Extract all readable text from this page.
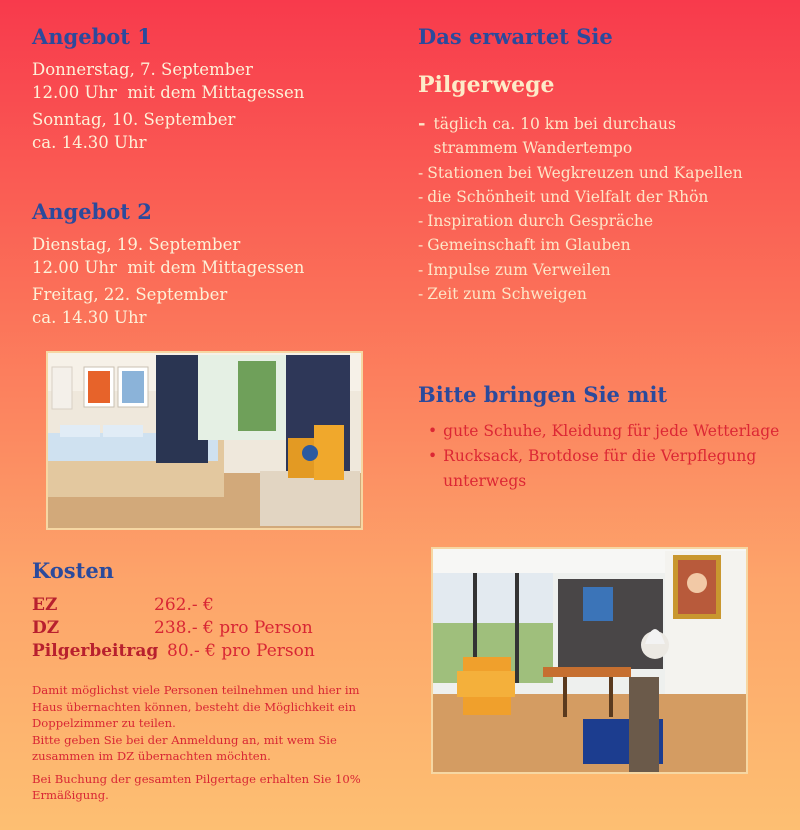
Angebot 1

Donnerstag, 7. September

12.00 Uhr  mit dem Mittagessen

Sonntag, 10. September

ca. 14.30 Uhr

Angebot 2

Dienstag, 19. September

12.00 Uhr  mit dem Mittagessen

Freitag, 22. September

ca. 14.30 Uhr

Kosten
EZ	262.- €
DZ	238.- € pro Person
Pilgerbeitrag 80.- € pro Person

Damit möglichst viele Personen teilnehmen und hier im Haus übernachten können, besteht die Möglichkeit ein Doppelzimmer zu teilen.

Bitte geben Sie bei der Anmeldung an, mit wem Sie zusammen im DZ übernachten möchten.

Bei Buchung der gesamten Pilgertage erhalten Sie 10% Ermäßigung.

Das erwartet Sie
Pilgerwege
- täglich ca. 10 km bei durchaus strammem Wandertempo
- Stationen bei Wegkreuzen und Kapellen
- die Schönheit und Vielfalt der Rhön
- Inspiration durch Gespräche
- Gemeinschaft im Glauben
- Impulse zum Verweilen
- Zeit zum Schweigen
Bitte bringen Sie mit
• gute Schuhe, Kleidung für jede Wetterlage
• Rucksack, Brotdose für die Verpflegung unterwegs
